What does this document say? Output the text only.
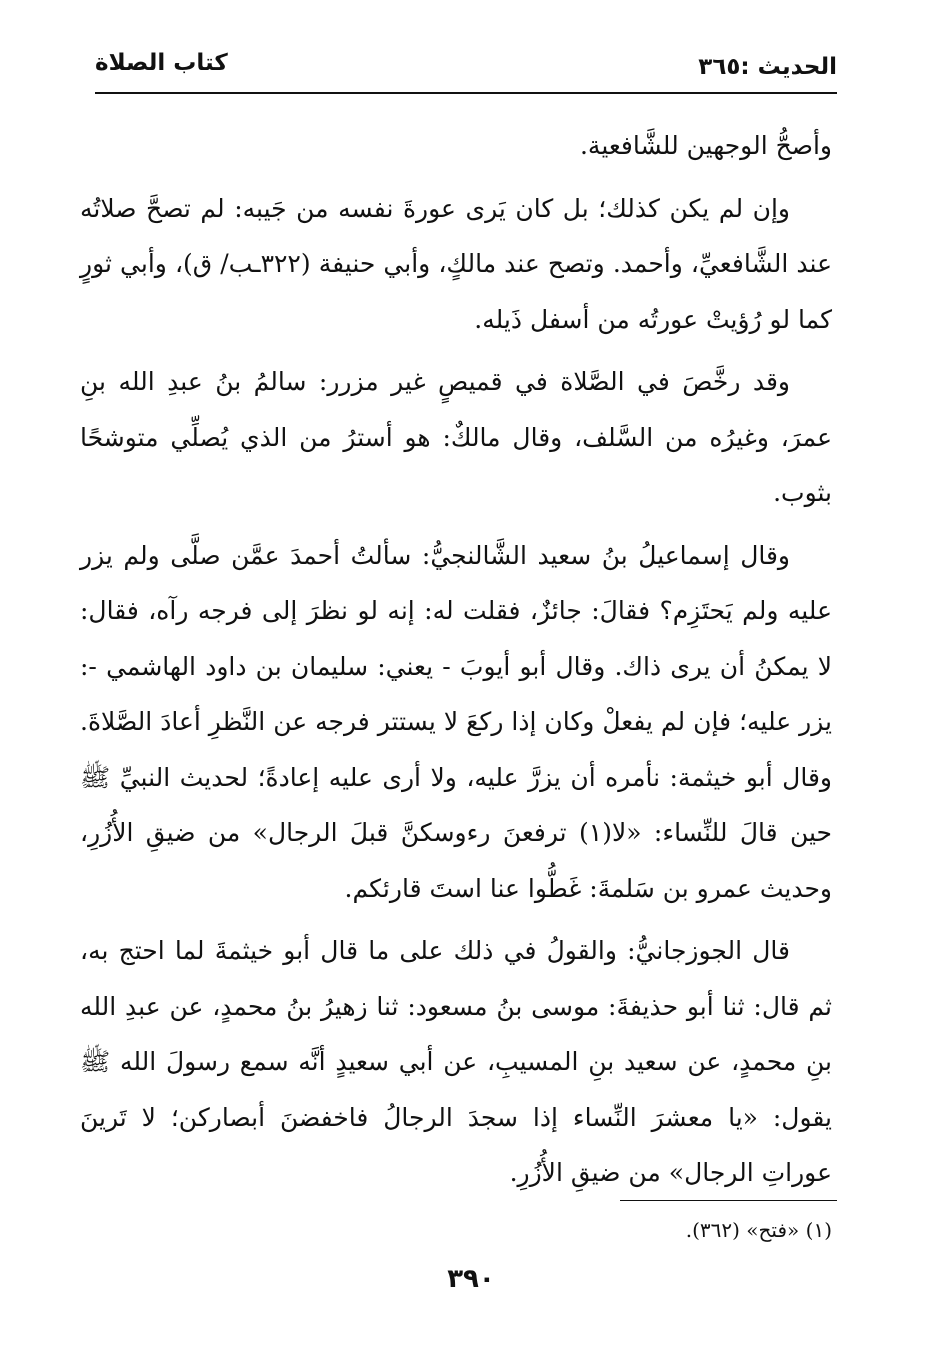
الحديث :٣٦٥
كتاب الصلاة

وأصحُّ الوجهين للشَّافعية.

وإن لم يكن كذلك؛ بل كان يَرى عورةَ نفسه من جَيبه: لم تصحَّ صلاتُه عند الشَّافعيِّ، وأحمد. وتصح عند مالكٍ، وأبي حنيفة (٣٢٢ـب/ ق)، وأبي ثورٍ كما لو رُؤيتْ عورتُه من أسفل ذَيله.

وقد رخَّصَ في الصَّلاة في قميصٍ غير مزرر: سالمُ بنُ عبدِ الله بنِ عمرَ، وغيرُه من السَّلف، وقال مالكٌ: هو أسترُ من الذي يُصلِّي متوشحًا بثوب.

وقال إسماعيلُ بنُ سعيد الشَّالنجيُّ: سألتُ أحمدَ عمَّن صلَّى ولم يزر عليه ولم يَحتَزِم؟ فقالَ: جائزٌ، فقلت له: إنه لو نظرَ إلى فرجه رآه، فقال: لا يمكنُ أن يرى ذاك. وقال أبو أيوبَ - يعني: سليمان بن داود الهاشمي -: يزر عليه؛ فإن لم يفعلْ وكان إذا ركعَ لا يستتر فرجه عن النَّظرِ أعادَ الصَّلاةَ. وقال أبو خيثمة: نأمره أن يزرَّ عليه، ولا أرى عليه إعادةً؛ لحديث النبيِّ ﷺ حين قالَ للنِّساء: «لا(١) ترفعنَ رءوسكنَّ قبلَ الرجال» من ضيقِ الأُزُرِ، وحديث عمرو بن سَلمةَ: غَطُّوا عنا استَ قارئكم.

قال الجوزجانيُّ: والقولُ في ذلك على ما قال أبو خيثمةَ لما احتج به، ثم قال: ثنا أبو حذيفةَ: موسى بنُ مسعود: ثنا زهيرُ بنُ محمدٍ، عن عبدِ الله بنِ محمدٍ، عن سعيد بنِ المسيبِ، عن أبي سعيدٍ أنَّه سمع رسولَ الله ﷺ يقول: «يا معشرَ النِّساء إذا سجدَ الرجالُ فاخفضنَ أبصاركن؛ لا تَرينَ عوراتِ الرجال» من ضيقِ الأُزُرِ.

(١) «فتح» (٣٦٢).
٣٩٠
